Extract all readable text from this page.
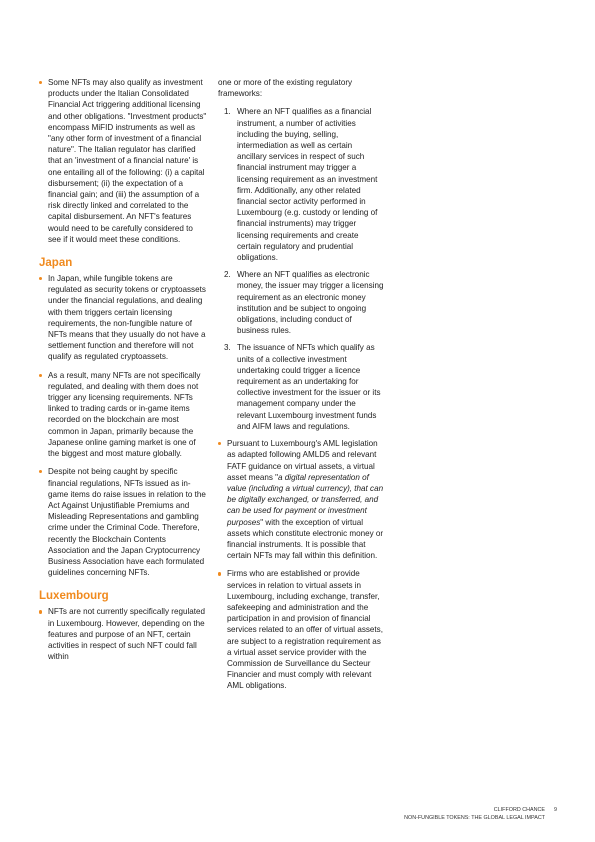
Some NFTs may also qualify as investment products under the Italian Consolidated Financial Act triggering additional licensing and other obligations. "Investment products" encompass MiFID instruments as well as "any other form of investment of a financial nature". The Italian regulator has clarified that an 'investment of a financial nature' is one entailing all of the following: (i) a capital disbursement; (ii) the expectation of a financial gain; and (iii) the assumption of a risk directly linked and correlated to the capital disbursement. An NFT's features would need to be carefully considered to see if it would meet these conditions.
Japan
In Japan, while fungible tokens are regulated as security tokens or cryptoassets under the financial regulations, and dealing with them triggers certain licensing requirements, the non-fungible nature of NFTs means that they usually do not have a settlement function and therefore will not qualify as regulated cryptoassets.
As a result, many NFTs are not specifically regulated, and dealing with them does not trigger any licensing requirements. NFTs linked to trading cards or in-game items recorded on the blockchain are most common in Japan, primarily because the Japanese online gaming market is one of the biggest and most mature globally.
Despite not being caught by specific financial regulations, NFTs issued as in-game items do raise issues in relation to the Act Against Unjustifiable Premiums and Misleading Representations and gambling crime under the Criminal Code. Therefore, recently the Blockchain Contents Association and the Japan Cryptocurrency Business Association have each formulated guidelines concerning NFTs.
Luxembourg
NFTs are not currently specifically regulated in Luxembourg. However, depending on the features and purpose of an NFT, certain activities in respect of such NFT could fall within

one or more of the existing regulatory frameworks:

1. Where an NFT qualifies as a financial instrument, a number of activities including the buying, selling, intermediation as well as certain ancillary services in respect of such financial instrument may trigger a licensing requirement as an investment firm. Additionally, any other related financial sector activity performed in Luxembourg (e.g. custody or lending of financial instruments) may trigger licensing requirements and create certain regulatory and prudential obligations.
2. Where an NFT qualifies as electronic money, the issuer may trigger a licensing requirement as an electronic money institution and be subject to ongoing obligations, including conduct of business rules.
3. The issuance of NFTs which qualify as units of a collective investment undertaking could trigger a licence requirement as an undertaking for collective investment for the issuer or its management company under the relevant Luxembourg investment funds and AIFM laws and regulations.
Pursuant to Luxembourg's AML legislation as adapted following AMLD5 and relevant FATF guidance on virtual assets, a virtual asset means "a digital representation of value (including a virtual currency), that can be digitally exchanged, or transferred, and can be used for payment or investment purposes" with the exception of virtual assets which constitute electronic money or financial instruments. It is possible that certain NFTs may fall within this definition.
Firms who are established or provide services in relation to virtual assets in Luxembourg, including exchange, transfer, safekeeping and administration and the participation in and provision of financial services related to an offer of virtual assets, are subject to a registration requirement as a virtual asset service provider with the Commission de Surveillance du Secteur Financier and must comply with relevant AML obligations.
CLIFFORD CHANCE
NON-FUNGIBLE TOKENS: THE GLOBAL LEGAL IMPACT
9
